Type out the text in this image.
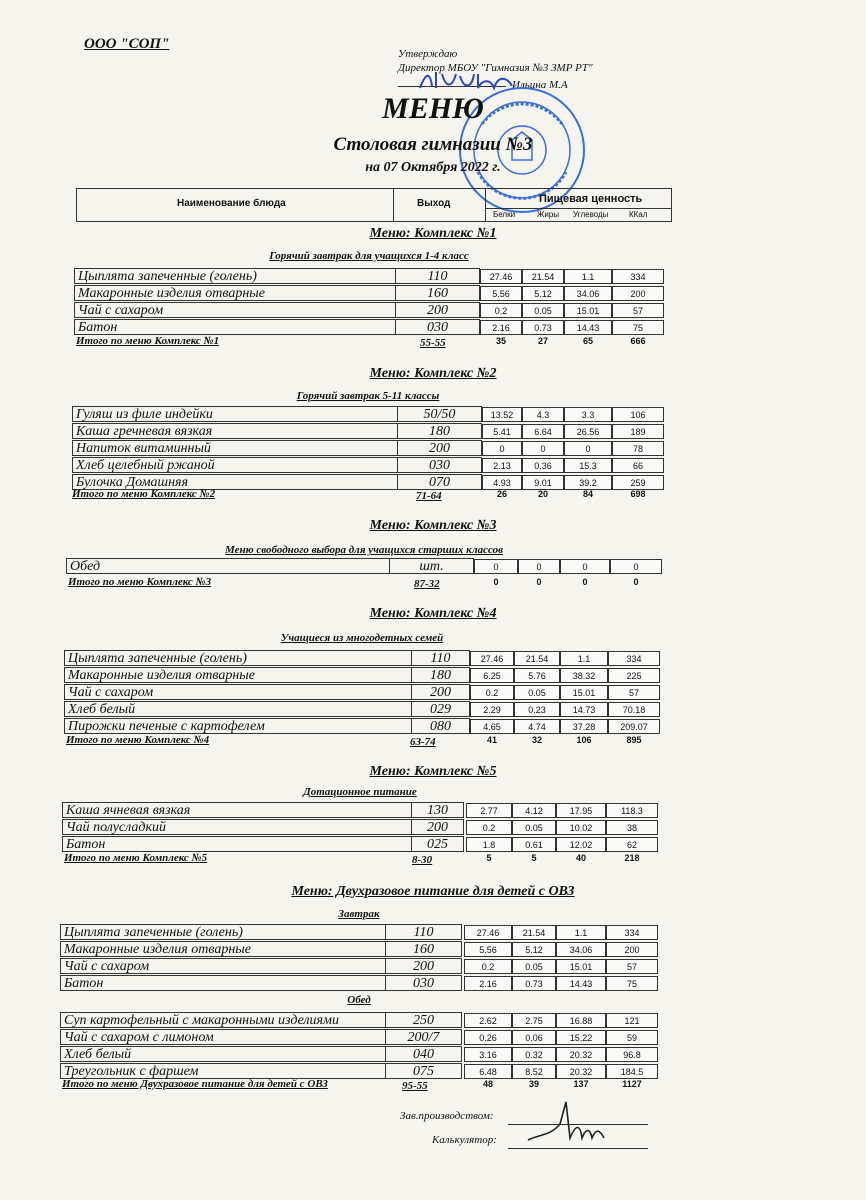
ООО "СОП"
Утверждаю
Директор МБОУ "Гимназия №3 ЗМР РТ"
Ильина М.А
МЕНЮ
Столовая гимназии №3
на 07 Октября 2022 г.
Наименование блюда	Выход	Пищевая ценность
Белки	Жиры Углеводы	ККал
Меню: Комплекс №1
Горячий завтрак для учащихся 1-4 класс
Цыплята запеченные (голень)	110	27.46	21.54	1.1	334
Макаронные изделия отварные	160	5.56	5.12	34.06	200
Чай с сахаром	200	0.2	0.05	15.01	57
Батон	030	2.16	0.73	14.43	75
Итого по меню Комплекс №1	55-55	35	27	65	666
Меню: Комплекс №2
Горячий завтрак 5-11 классы
Гуляш из филе индейки	50/50	13.52	4.3	3.3	106
Каша гречневая вязкая	180	5.41	6.64	26.56	189
Напиток витаминный	200	0	0	0	78
Хлеб целебный ржаной	030	2.13	0.36	15.3	66
Булочка Домашняя	070	4.93	9.01	39.2	259
Итого по меню Комплекс №2	71-64	26	20	84	698
Меню: Комплекс №3
Меню свободного выбора для учащихся старших классов
Обед	шт.	0	0	0	0
Итого по меню Комплекс №3	87-32	0	0	0	0
Меню: Комплекс №4
Учащиеся из многодетных семей
Цыплята запеченные (голень)	110	27.46	21.54	1.1	334
Макаронные изделия отварные	180	6.25	5.76	38.32	225
Чай с сахаром	200	0.2	0.05	15.01	57
Хлеб белый	029	2.29	0.23	14.73	70.18
Пирожки печеные с картофелем	080	4.65	4.74	37.28	209.07
Итого по меню Комплекс №4	63-74	41	32	106	895
Меню: Комплекс №5
Дотационное питание
Каша ячневая вязкая	130	2.77	4.12	17.95	118.3
Чай полусладкий	200	0.2	0.05	10.02	38
Батон	025	1.8	0.61	12.02	62
Итого по меню Комплекс №5	8-30	5	5	40	218
Меню: Двухразовое питание для детей с ОВЗ
Завтрак
Цыплята запеченные (голень)	110	27.46	21.54	1.1	334
Макаронные изделия отварные	160	5.56	5.12	34.06	200
Чай с сахаром	200	0.2	0.05	15.01	57
Батон	030	2.16	0.73	14.43	75
Обед
Суп картофельный с макаронными изделиями	250	2.62	2.75	16.88	121
Чай с сахаром с лимоном	200/7	0.26	0.06	15.22	59
Хлеб белый	040	3.16	0.32	20.32	96.8
Треугольник с фаршем	075	6.48	8.52	20.32	184.5
Итого по меню Двухразовое питание для детей с ОВЗ	95-55	48	39	137	1127
Зав.производством:
Калькулятор:
